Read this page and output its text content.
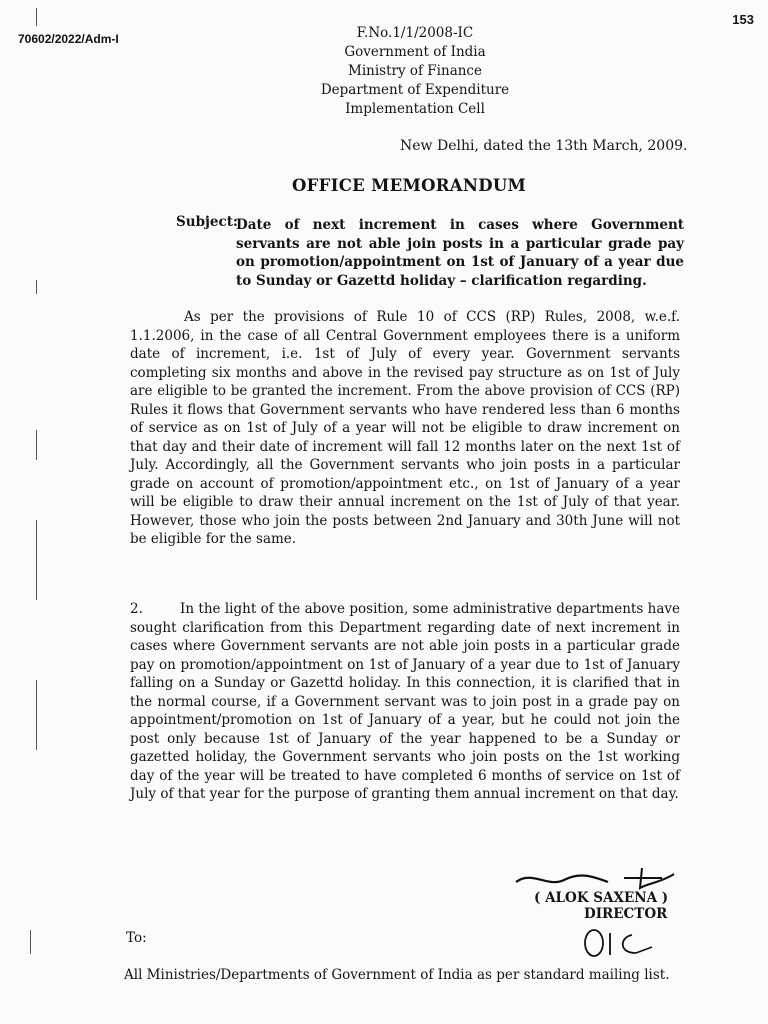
70602/2022/Adm-I
153
F.No.1/1/2008-IC
Government of India
Ministry of Finance
Department of Expenditure
Implementation Cell
New Delhi, dated the 13th March, 2009.
OFFICE MEMORANDUM
Subject:
Date of next increment in cases where Government servants are not able join posts in a particular grade pay on promotion/appointment on 1st of January of a year due to Sunday or Gazettd holiday – clarification regarding.
As per the provisions of Rule 10 of CCS (RP) Rules, 2008, w.e.f. 1.1.2006, in the case of all Central Government employees there is a uniform date of increment, i.e. 1st of July of every year. Government servants completing six months and above in the revised pay structure as on 1st of July are eligible to be granted the increment. From the above provision of CCS (RP) Rules it flows that Government servants who have rendered less than 6 months of service as on 1st of July of a year will not be eligible to draw increment on that day and their date of increment will fall 12 months later on the next 1st of July. Accordingly, all the Government servants who join posts in a particular grade on account of promotion/appointment etc., on 1st of January of a year will be eligible to draw their annual increment on the 1st of July of that year. However, those who join the posts between 2nd January and 30th June will not be eligible for the same.
2.	In the light of the above position, some administrative departments have sought clarification from this Department regarding date of next increment in cases where Government servants are not able join posts in a particular grade pay on promotion/appointment on 1st of January of a year due to 1st of January falling on a Sunday or Gazettd holiday. In this connection, it is clarified that in the normal course, if a Government servant was to join post in a grade pay on appointment/promotion on 1st of January of a year, but he could not join the post only because 1st of January of the year happened to be a Sunday or gazetted holiday, the Government servants who join posts on the 1st working day of the year will be treated to have completed 6 months of service on 1st of July of that year for the purpose of granting them annual increment on that day.
( ALOK SAXENA )
DIRECTOR
To:
All Ministries/Departments of Government of India as per standard mailing list.
